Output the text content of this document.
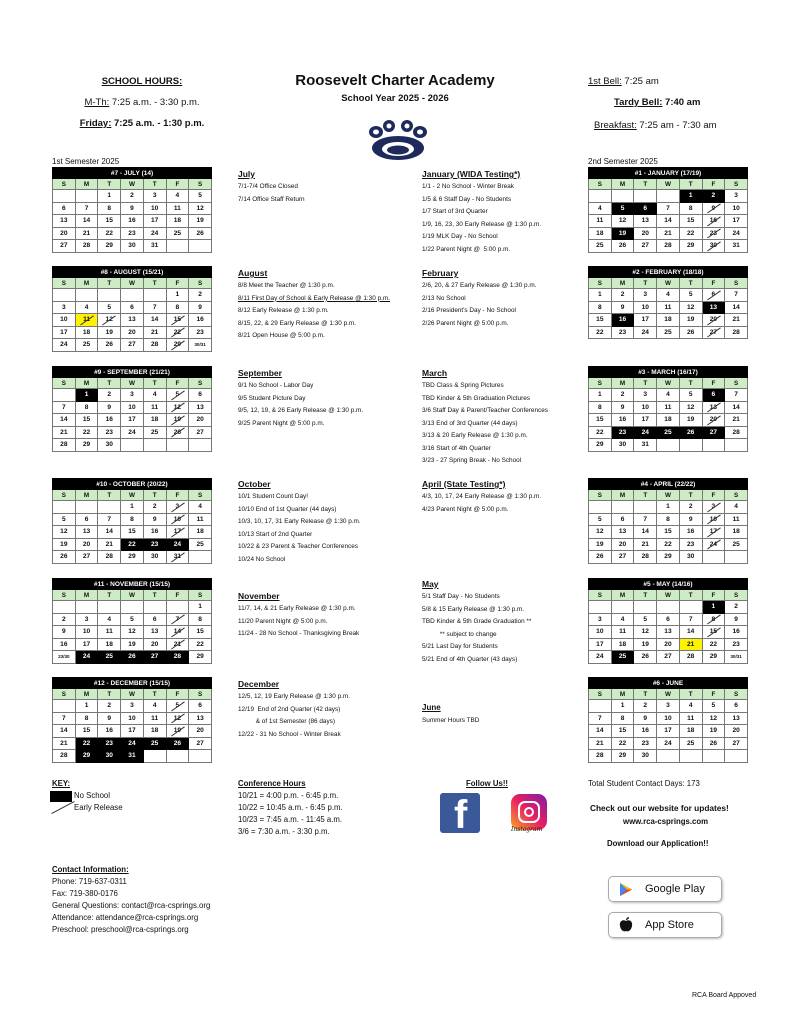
SCHOOL HOURS:
M-Th: 7:25 a.m. - 3:30 p.m.
Friday: 7:25 a.m. - 1:30 p.m.
Roosevelt Charter Academy
School Year 2025 - 2026
1st Bell: 7:25 am
Tardy Bell: 7:40 am
Breakfast: 7:25 am - 7:30 am
1st Semester 2025	2nd Semester 2025
#7 - JULY (14)						
S	M	T	W	T	F	S
		1	2	3	4	5
6	7	8	9	10	11	12
13	14	15	16	17	18	19
20	21	22	23	24	25	26
27	28	29	30	31		
#8 - AUGUST (15/21)						
S	M	T	W	T	F	S
					1	2
3	4	5	6	7	8	9
10	11	12	13	14	15	16
17	18	19	20	21	22	23
24	25	26	27	28	29	30/31
#9 - SEPTEMBER (21/21)						
S	M	T	W	T	F	S
	1	2	3	4	5	6
7	8	9	10	11	12	13
14	15	16	17	18	19	20
21	22	23	24	25	26	27
28	29	30				
#10 - OCTOBER (20/22)						
S	M	T	W	T	F	S
			1	2	3	4
5	6	7	8	9	10	11
12	13	14	15	16	17	18
19	20	21	22	23	24	25
26	27	28	29	30	31	
#11 - NOVEMBER (15/15)						
S	M	T	W	T	F	S
						1
2	3	4	5	6	7	8
9	10	11	12	13	14	15
16	17	18	19	20	21	22
23/30	24	25	26	27	28	29
#12 - DECEMBER (15/15)						
S	M	T	W	T	F	S
	1	2	3	4	5	6
7	8	9	10	11	12	13
14	15	16	17	18	19	20
21	22	23	24	25	26	27
28	29	30	31			
#1 - JANUARY (17/19)						
S	M	T	W	T	F	S
				1	2	3
4	5	6	7	8	9	10
11	12	13	14	15	16	17
18	19	20	21	22	23	24
25	26	27	28	29	30	31
#2 - FEBRUARY (18/18)						
S	M	T	W	T	F	S
1	2	3	4	5	6	7
8	9	10	11	12	13	14
15	16	17	18	19	20	21
22	23	24	25	26	27	28
#3 - MARCH (16/17)						
S	M	T	W	T	F	S
1	2	3	4	5	6	7
8	9	10	11	12	13	14
15	16	17	18	19	20	21
22	23	24	25	26	27	28
29	30	31				
#4 - APRIL (22/22)						
S	M	T	W	T	F	S
			1	2	3	4
5	6	7	8	9	10	11
12	13	14	15	16	17	18
19	20	21	22	23	24	25
26	27	28	29	30		
#5 - MAY (14/16)						
S	M	T	W	T	F	S
					1	2
3	4	5	6	7	8	9
10	11	12	13	14	15	16
17	18	19	20	21	22	23
24	25	26	27	28	29	30/31
#6 - JUNE						
S	M	T	W	T	F	S
	1	2	3	4	5	6
7	8	9	10	11	12	13
14	15	16	17	18	19	20
21	22	23	24	25	26	27
28	29	30				
July
7/1-7/4 Office Closed
7/14 Office Staff Return
August
8/8 Meet the Teacher @ 1:30 p.m.
8/11 First Day of School & Early Release @ 1:30 p.m.
8/12 Early Release @ 1:30 p.m.
8/15, 22, & 29 Early Release @ 1:30 p.m.
8/21 Open House @ 5:00 p.m.
September
9/1 No School - Labor Day
9/5 Student Picture Day
9/5, 12, 19, & 26 Early Release @ 1:30 p.m.
9/25 Parent Night @ 5:00 p.m.
October
10/1 Student Count Day!
10/10 End of 1st Quarter (44 days)
10/3, 10, 17, 31 Early Release @ 1:30 p.m.
10/13 Start of 2nd Quarter
10/22 & 23 Parent & Teacher Conferences
10/24 No School
November
11/7, 14, & 21 Early Release @ 1:30 p.m.
11/20 Parent Night @ 5:00 p.m.
11/24 - 28 No School - Thanksgiving Break
December
12/5, 12, 19 Early Release @ 1:30 p.m.
12/19  End of 2nd Quarter (42 days)
& of 1st Semester (86 days)
12/22 - 31 No School - Winter Break
January (WIDA Testing*)
1/1 - 2 No School - Winter Break
1/5 & 6 Staff Day - No Students
1/7 Start of 3rd Quarter
1/9, 16, 23, 30 Early Release @ 1:30 p.m.
1/19 MLK Day - No School
1/22 Parent Night @  5:00 p.m.
February
2/6, 20, & 27 Early Release @ 1:30 p.m.
2/13 No School
2/16 President's Day - No School
2/26 Parent Night @ 5:00 p.m.
March
TBD Class & Spring Pictures
TBD Kinder & 5th Graduation Pictures
3/6 Staff Day & Parent/Teacher Conferences
3/13 End of 3rd Quarter (44 days)
3/13 & 20 Early Release @ 1:30 p.m.
3/16 Start of 4th Quarter
3/23 - 27 Spring Break - No School
April (State Testing*)
4/3, 10, 17, 24 Early Release @ 1:30 p.m.
4/23 Parent Night @ 5:00 p.m.
May
5/1 Staff Day - No Students
5/8 & 15 Early Release @ 1:30 p.m.
TBD Kinder & 5th Grade Graduation **
** subject to change
5/21 Last Day for Students
5/21 End of 4th Quarter (43 days)
June
Summer Hours TBD
KEY:
No School
Early Release
Conference Hours
10/21 = 4:00 p.m. - 6:45 p.m.
10/22 = 10:45 a.m. - 6:45 p.m.
10/23 = 7:45 a.m. - 11:45 a.m.
3/6 = 7:30 a.m. - 3:30 p.m.
Follow Us!!
f	Instagram
Total Student Contact Days: 173
Check out our website for updates!
www.rca-csprings.com
Download our Application!!
Google Play
App Store
Contact Information:
Phone: 719-637-0311
Fax: 719-380-0176
General Questions: contact@rca-csprings.org
Attendance: attendance@rca-csprings.org
Preschool: preschool@rca-csprings.org
RCA Board Appoved
